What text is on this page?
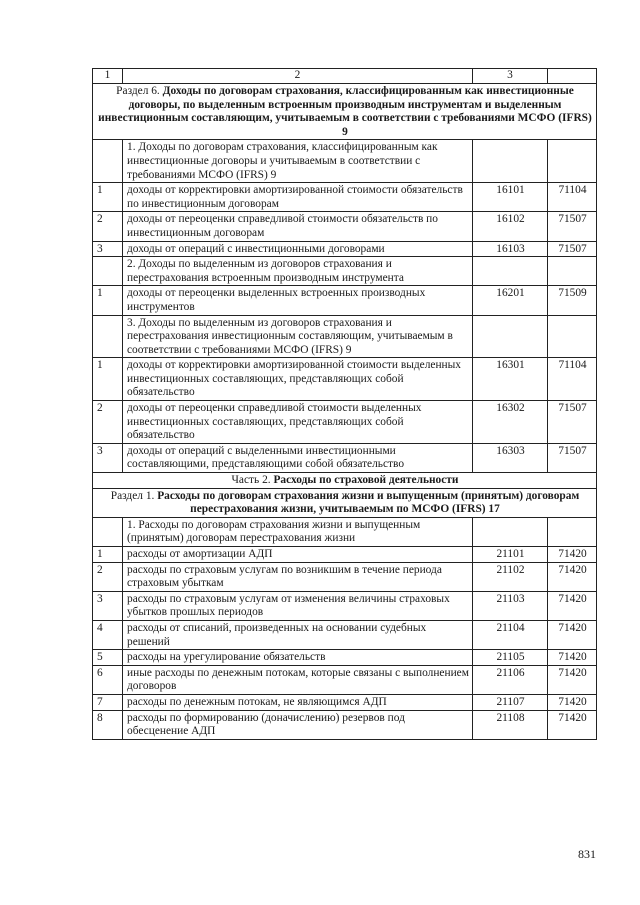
1	2	3	
Раздел 6. Доходы по договорам страхования, классифицированным как инвестиционные договоры, по выделенным встроенным производным инструментам и выделенным инвестиционным составляющим, учитываемым в соответствии с требованиями МСФО (IFRS) 9			
	1. Доходы по договорам страхования, классифицированным как инвестиционные договоры и учитываемым в соответствии с требованиями МСФО (IFRS) 9		
1	доходы от корректировки амортизированной стоимости обязательств по инвестиционным договорам	16101	71104
2	доходы от переоценки справедливой стоимости обязательств по инвестиционным договорам	16102	71507
3	доходы от операций с инвестиционными договорами	16103	71507
	2. Доходы по выделенным из договоров страхования и перестрахования встроенным производным инструмента		
1	доходы от переоценки выделенных встроенных производных инструментов	16201	71509
	3. Доходы по выделенным из договоров страхования и перестрахования инвестиционным составляющим, учитываемым в соответствии с требованиями МСФО (IFRS) 9		
1	доходы от корректировки амортизированной стоимости выделенных инвестиционных составляющих, представляющих собой обязательство	16301	71104
2	доходы от переоценки справедливой стоимости выделенных инвестиционных составляющих, представляющих собой обязательство	16302	71507
3	доходы от операций с выделенными инвестиционными составляющими, представляющими собой обязательство	16303	71507
Часть 2. Расходы по страховой деятельности			
Раздел 1. Расходы по договорам страхования жизни и выпущенным (принятым) договорам перестрахования жизни, учитываемым по МСФО (IFRS) 17			
	1. Расходы по договорам страхования жизни и выпущенным (принятым) договорам перестрахования жизни		
1	расходы от амортизации АДП	21101	71420
2	расходы по страховым услугам по возникшим в течение периода страховым убыткам	21102	71420
3	расходы по страховым услугам от изменения величины страховых убытков прошлых периодов	21103	71420
4	расходы от списаний, произведенных на основании судебных решений	21104	71420
5	расходы на урегулирование обязательств	21105	71420
6	иные расходы по денежным потокам, которые связаны с выполнением договоров	21106	71420
7	расходы по денежным потокам, не являющимся АДП	21107	71420
8	расходы по формированию (доначислению) резервов под обесценение АДП	21108	71420
831
